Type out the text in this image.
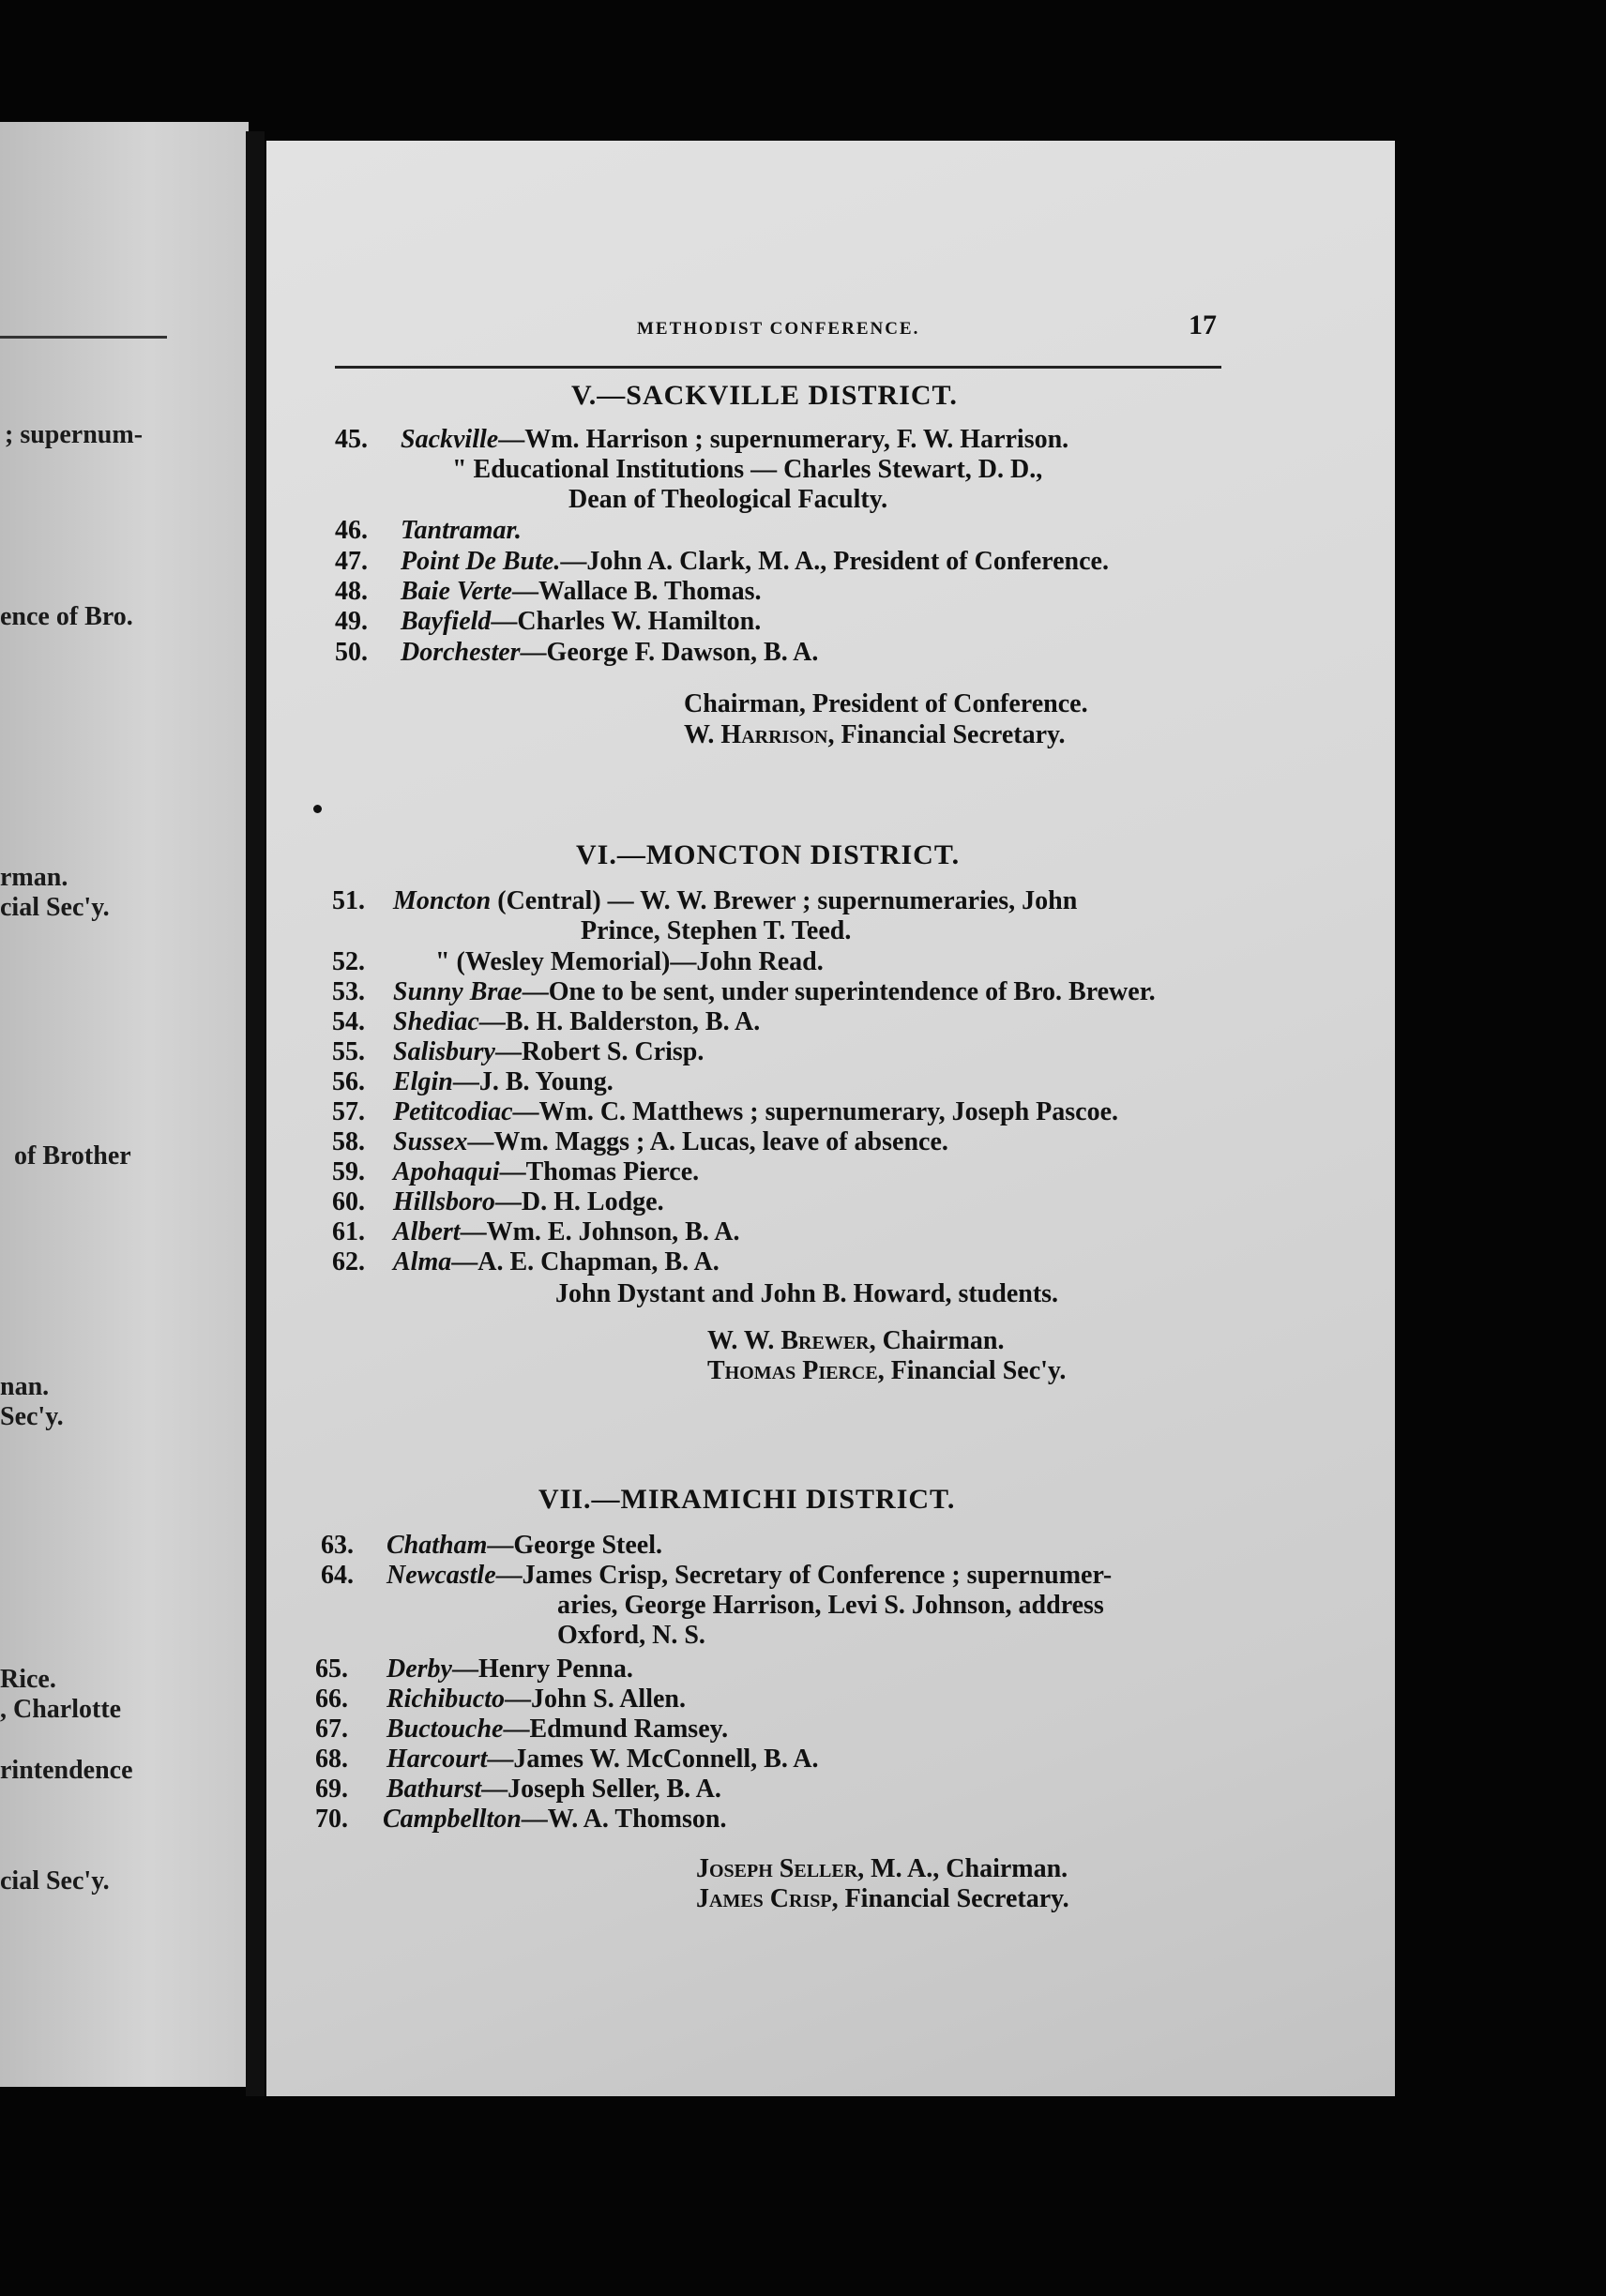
; supernum-
ence of Bro.
rman.
cial Sec'y.
of Brother
nan.
Sec'y.
Rice.
, Charlotte
rintendence
cial Sec'y.
METHODIST CONFERENCE.	17
V.—SACKVILLE DISTRICT.
45. Sackville—Wm. Harrison ; supernumerary, F. W. Harrison.
" Educational Institutions — Charles Stewart, D. D.,
Dean of Theological Faculty.
46. Tantramar.
47. Point De Bute.—John A. Clark, M. A., President of Conference.
48. Baie Verte—Wallace B. Thomas.
49. Bayfield—Charles W. Hamilton.
50. Dorchester—George F. Dawson, B. A.
Chairman, President of Conference.
W. Harrison, Financial Secretary.
VI.—MONCTON DISTRICT.
51. Moncton (Central) — W. W. Brewer ; supernumeraries, John
Prince, Stephen T. Teed.
52.	" (Wesley Memorial)—John Read.
53. Sunny Brae—One to be sent, under superintendence of Bro. Brewer.
54. Shediac—B. H. Balderston, B. A.
55. Salisbury—Robert S. Crisp.
56. Elgin—J. B. Young.
57. Petitcodiac—Wm. C. Matthews ; supernumerary, Joseph Pascoe.
58. Sussex—Wm. Maggs ; A. Lucas, leave of absence.
59. Apohaqui—Thomas Pierce.
60. Hillsboro—D. H. Lodge.
61. Albert—Wm. E. Johnson, B. A.
62. Alma—A. E. Chapman, B. A.
John Dystant and John B. Howard, students.
W. W. Brewer, Chairman.
Thomas Pierce, Financial Sec'y.
VII.—MIRAMICHI DISTRICT.
63. Chatham—George Steel.
64. Newcastle—James Crisp, Secretary of Conference ; supernumer-
aries, George Harrison, Levi S. Johnson, address
Oxford, N. S.
65. Derby—Henry Penna.
66. Richibucto—John S. Allen.
67. Buctouche—Edmund Ramsey.
68. Harcourt—James W. McConnell, B. A.
69. Bathurst—Joseph Seller, B. A.
70. Campbellton—W. A. Thomson.
Joseph Seller, M. A., Chairman.
James Crisp, Financial Secretary.
